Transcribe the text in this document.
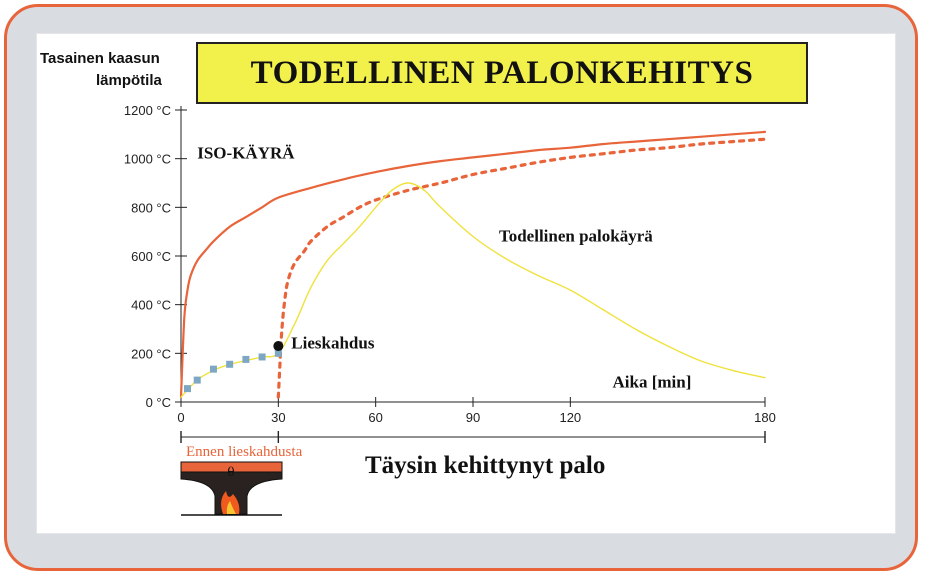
TODELLINEN PALONKEHITYS
Tasainen kaasun
lämpötila
0 °C
200 °C
400 °C
600 °C
800 °C
1000 °C
1200 °C
0	30	60	90	120	180
ISO-KÄYRÄ
Todellinen palokäyrä
Lieskahdus
Aika [min]
Ennen lieskahdusta	Täysin kehittynyt palo
θ
